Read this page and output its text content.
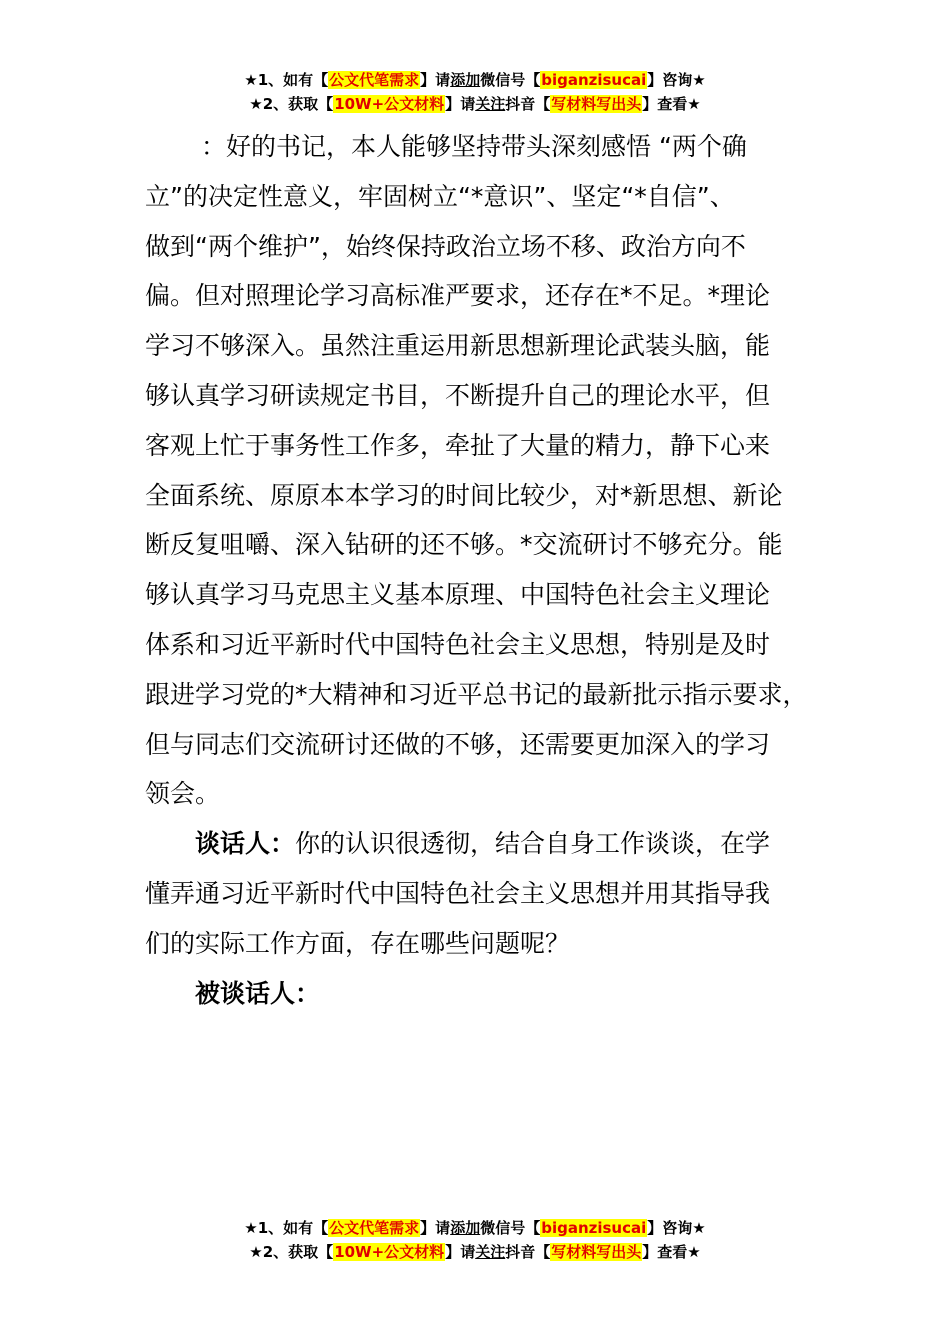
★1、如有【公文代笔需求】请添加微信号【biganzisucai】咨询★
★2、获取【10W+公文材料】请关注抖音【写材料写出头】查看★
：好的书记，本人能够坚持带头深刻感悟 “两个确
立”的决定性意义，牢固树立“*意识”、坚定“*自信”、
做到“两个维护”，始终保持政治立场不移、政治方向不
偏。但对照理论学习高标准严要求，还存在*不足。*理论
学习不够深入。虽然注重运用新思想新理论武装头脑，能
够认真学习研读规定书目，不断提升自己的理论水平，但
客观上忙于事务性工作多，牵扯了大量的精力，静下心来
全面系统、原原本本学习的时间比较少，对*新思想、新论
断反复咀嚼、深入钻研的还不够。*交流研讨不够充分。能
够认真学习马克思主义基本原理、中国特色社会主义理论
体系和习近平新时代中国特色社会主义思想，特别是及时
跟进学习党的*大精神和习近平总书记的最新批示指示要求，
但与同志们交流研讨还做的不够，还需要更加深入的学习
领会。
谈话人：你的认识很透彻，结合自身工作谈谈，在学
懂弄通习近平新时代中国特色社会主义思想并用其指导我
们的实际工作方面，存在哪些问题呢？
被谈话人：
★1、如有【公文代笔需求】请添加微信号【biganzisucai】咨询★
★2、获取【10W+公文材料】请关注抖音【写材料写出头】查看★
